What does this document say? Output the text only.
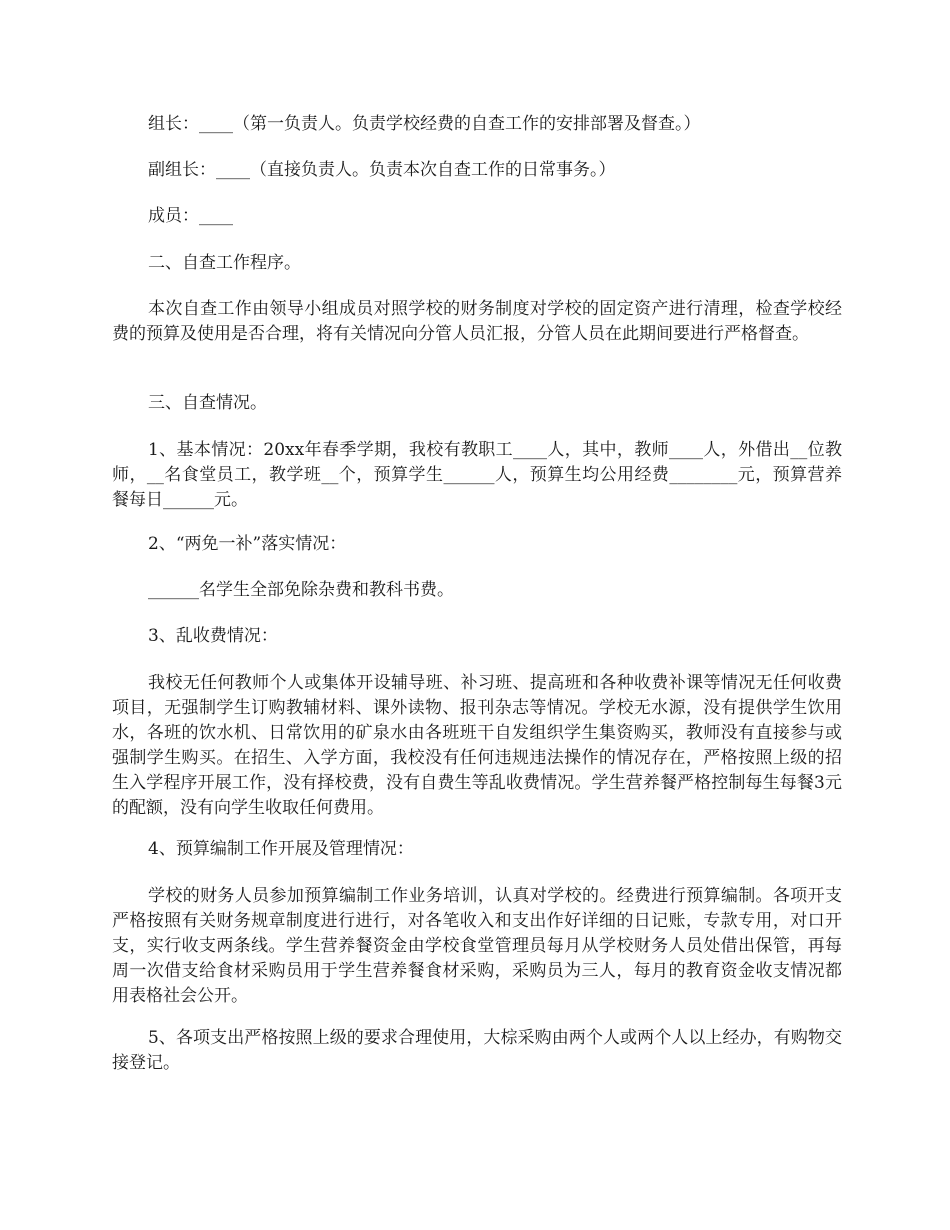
组长：____（第一负责人。负责学校经费的自查工作的安排部署及督查。）

副组长：____（直接负责人。负责本次自查工作的日常事务。）

成员：____

二、自查工作程序。

本次自查工作由领导小组成员对照学校的财务制度对学校的固定资产进行清理，检查学校经费的预算及使用是否合理，将有关情况向分管人员汇报，分管人员在此期间要进行严格督查。

三、自查情况。

1、基本情况：20xx年春季学期，我校有教职工____人，其中，教师____人，外借出__位教师，__名食堂员工，教学班__个，预算学生______人，预算生均公用经费________元，预算营养餐每日______元。

2、“两免一补”落实情况：

______名学生全部免除杂费和教科书费。

3、乱收费情况：

我校无任何教师个人或集体开设辅导班、补习班、提高班和各种收费补课等情况无任何收费项目，无强制学生订购教辅材料、课外读物、报刊杂志等情况。学校无水源，没有提供学生饮用水，各班的饮水机、日常饮用的矿泉水由各班班干自发组织学生集资购买，教师没有直接参与或强制学生购买。在招生、入学方面，我校没有任何违规违法操作的情况存在，严格按照上级的招生入学程序开展工作，没有择校费，没有自费生等乱收费情况。学生营养餐严格控制每生每餐3元的配额，没有向学生收取任何费用。

4、预算编制工作开展及管理情况：

学校的财务人员参加预算编制工作业务培训，认真对学校的。经费进行预算编制。各项开支严格按照有关财务规章制度进行进行，对各笔收入和支出作好详细的日记账，专款专用，对口开支，实行收支两条线。学生营养餐资金由学校食堂管理员每月从学校财务人员处借出保管，再每周一次借支给食材采购员用于学生营养餐食材采购，采购员为三人，每月的教育资金收支情况都用表格社会公开。

5、各项支出严格按照上级的要求合理使用，大棕采购由两个人或两个人以上经办，有购物交接登记。
